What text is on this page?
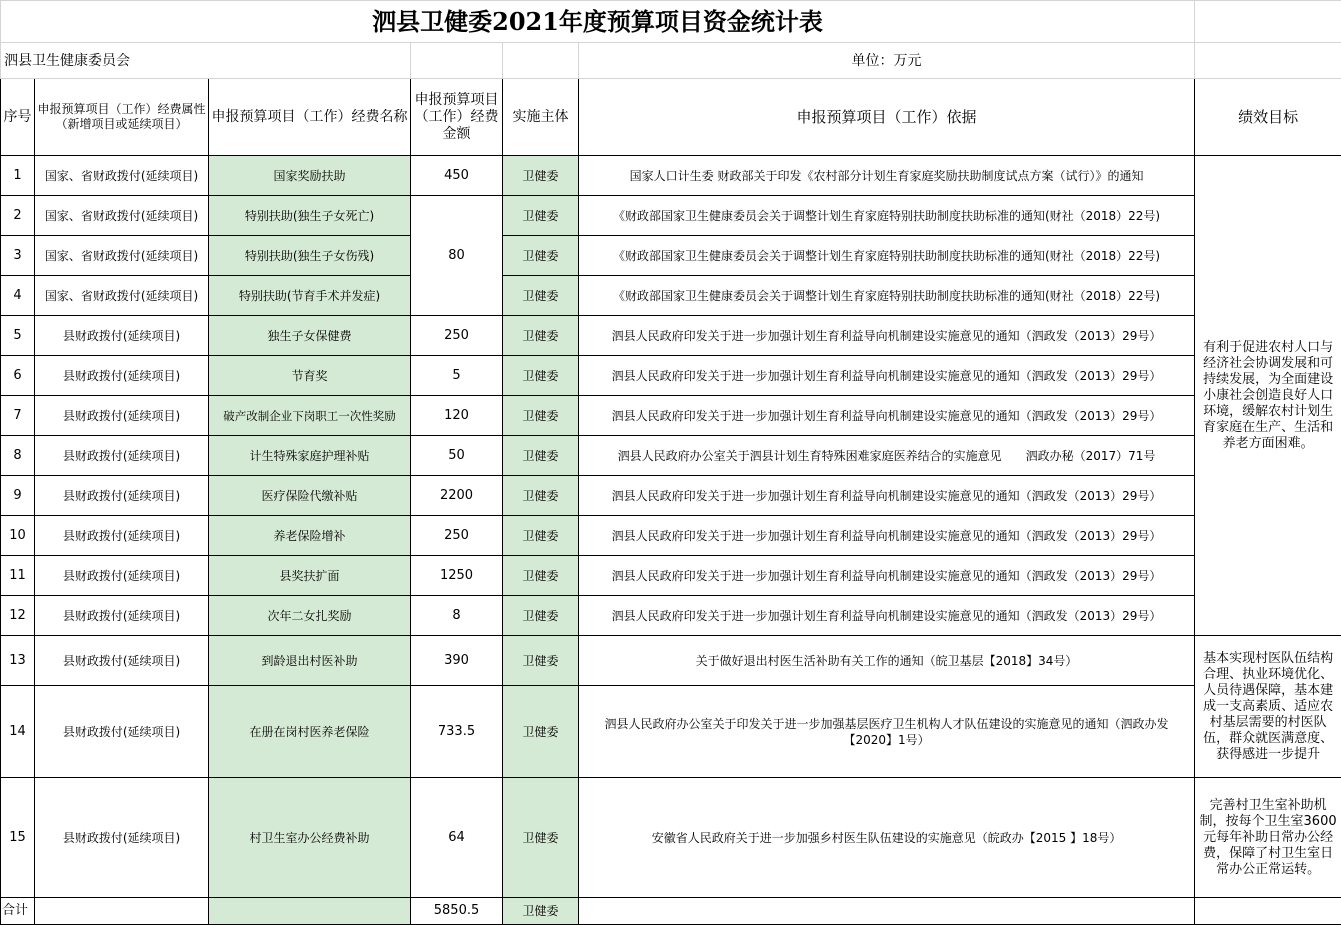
泗县卫健委2021年度预算项目资金统计表						
泗县卫生健康委员会					单位：万元	
序号	申报预算项目（工作）经费属性（新增项目或延续项目）	申报预算项目（工作）经费名称	申报预算项目（工作）经费金额	实施主体	申报预算项目（工作）依据	绩效目标
1	国家、省财政拨付(延续项目)	国家奖励扶助	450	卫健委	国家人口计生委 财政部关于印发《农村部分计划生育家庭奖励扶助制度试点方案（试行）》的通知	有利于促进农村人口与经济社会协调发展和可持续发展，为全面建设小康社会创造良好人口环境，缓解农村计划生育家庭在生产、生活和养老方面困难。
2	国家、省财政拨付(延续项目)	特别扶助(独生子女死亡)	80	卫健委	《财政部国家卫生健康委员会关于调整计划生育家庭特别扶助制度扶助标准的通知(财社（2018）22号)	
3	国家、省财政拨付(延续项目)	特别扶助(独生子女伤残)		卫健委	《财政部国家卫生健康委员会关于调整计划生育家庭特别扶助制度扶助标准的通知(财社（2018）22号)	
4	国家、省财政拨付(延续项目)	特别扶助(节育手术并发症)		卫健委	《财政部国家卫生健康委员会关于调整计划生育家庭特别扶助制度扶助标准的通知(财社（2018）22号)	
5	县财政拨付(延续项目)	独生子女保健费	250	卫健委	泗县人民政府印发关于进一步加强计划生育利益导向机制建设实施意见的通知（泗政发（2013）29号）	
6	县财政拨付(延续项目)	节育奖	5	卫健委	泗县人民政府印发关于进一步加强计划生育利益导向机制建设实施意见的通知（泗政发（2013）29号）	
7	县财政拨付(延续项目)	破产改制企业下岗职工一次性奖励	120	卫健委	泗县人民政府印发关于进一步加强计划生育利益导向机制建设实施意见的通知（泗政发（2013）29号）	
8	县财政拨付(延续项目)	计生特殊家庭护理补贴	50	卫健委	泗县人民政府办公室关于泗县计划生育特殊困难家庭医养结合的实施意见　　泗政办秘（2017）71号	
9	县财政拨付(延续项目)	医疗保险代缴补贴	2200	卫健委	泗县人民政府印发关于进一步加强计划生育利益导向机制建设实施意见的通知（泗政发（2013）29号）	
10	县财政拨付(延续项目)	养老保险增补	250	卫健委	泗县人民政府印发关于进一步加强计划生育利益导向机制建设实施意见的通知（泗政发（2013）29号）	
11	县财政拨付(延续项目)	县奖扶扩面	1250	卫健委	泗县人民政府印发关于进一步加强计划生育利益导向机制建设实施意见的通知（泗政发（2013）29号）	
12	县财政拨付(延续项目)	次年二女扎奖励	8	卫健委	泗县人民政府印发关于进一步加强计划生育利益导向机制建设实施意见的通知（泗政发（2013）29号）	
13	县财政拨付(延续项目)	到龄退出村医补助	390	卫健委	关于做好退出村医生活补助有关工作的通知（皖卫基层【2018】34号）	基本实现村医队伍结构合理、执业环境优化、人员待遇保障，基本建成一支高素质、适应农村基层需要的村医队伍，群众就医满意度、获得感进一步提升
14	县财政拨付(延续项目)	在册在岗村医养老保险	733.5	卫健委	泗县人民政府办公室关于印发关于进一步加强基层医疗卫生机构人才队伍建设的实施意见的通知（泗政办发【2020】1号）	
15	县财政拨付(延续项目)	村卫生室办公经费补助	64	卫健委	安徽省人民政府关于进一步加强乡村医生队伍建设的实施意见（皖政办【2015 】18号）	完善村卫生室补助机制，按每个卫生室3600元每年补助日常办公经费，保障了村卫生室日常办公正常运转。
合计			5850.5	卫健委		
